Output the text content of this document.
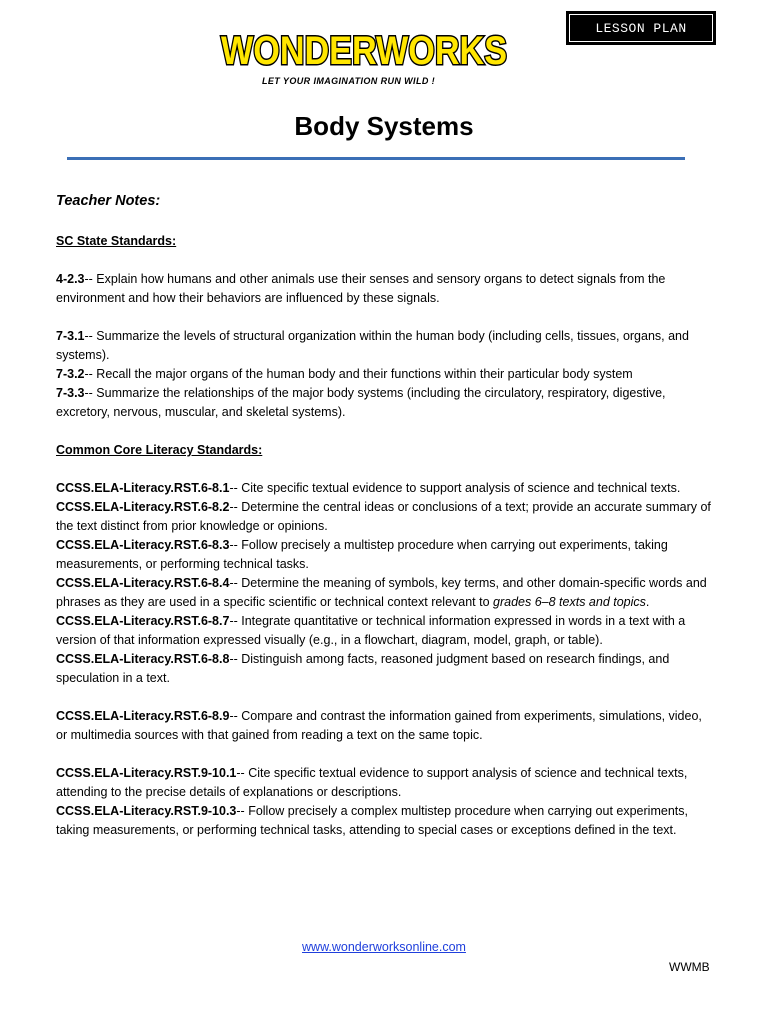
LESSON PLAN
WONDERWORKS
LET YOUR IMAGINATION RUN WILD !
Body Systems
Teacher Notes:
SC State Standards:

4-2.3-- Explain how humans and other animals use their senses and sensory organs to detect signals from the environment and how their behaviors are influenced by these signals.

7-3.1-- Summarize the levels of structural organization within the human body (including cells, tissues, organs, and systems).

7-3.2-- Recall the major organs of the human body and their functions within their particular body system

7-3.3-- Summarize the relationships of the major body systems (including the circulatory, respiratory, digestive, excretory, nervous, muscular, and skeletal systems).

Common Core Literacy Standards:

CCSS.ELA-Literacy.RST.6-8.1-- Cite specific textual evidence to support analysis of science and technical texts.

CCSS.ELA-Literacy.RST.6-8.2-- Determine the central ideas or conclusions of a text; provide an accurate summary of the text distinct from prior knowledge or opinions.

CCSS.ELA-Literacy.RST.6-8.3-- Follow precisely a multistep procedure when carrying out experiments, taking measurements, or performing technical tasks.

CCSS.ELA-Literacy.RST.6-8.4-- Determine the meaning of symbols, key terms, and other domain-specific words and phrases as they are used in a specific scientific or technical context relevant to grades 6–8 texts and topics.

CCSS.ELA-Literacy.RST.6-8.7-- Integrate quantitative or technical information expressed in words in a text with a version of that information expressed visually (e.g., in a flowchart, diagram, model, graph, or table).

CCSS.ELA-Literacy.RST.6-8.8-- Distinguish among facts, reasoned judgment based on research findings, and speculation in a text.

CCSS.ELA-Literacy.RST.6-8.9-- Compare and contrast the information gained from experiments, simulations, video, or multimedia sources with that gained from reading a text on the same topic.

CCSS.ELA-Literacy.RST.9-10.1-- Cite specific textual evidence to support analysis of science and technical texts, attending to the precise details of explanations or descriptions.

CCSS.ELA-Literacy.RST.9-10.3-- Follow precisely a complex multistep procedure when carrying out experiments, taking measurements, or performing technical tasks, attending to special cases or exceptions defined in the text.

www.wonderworksonline.com
WWMB
